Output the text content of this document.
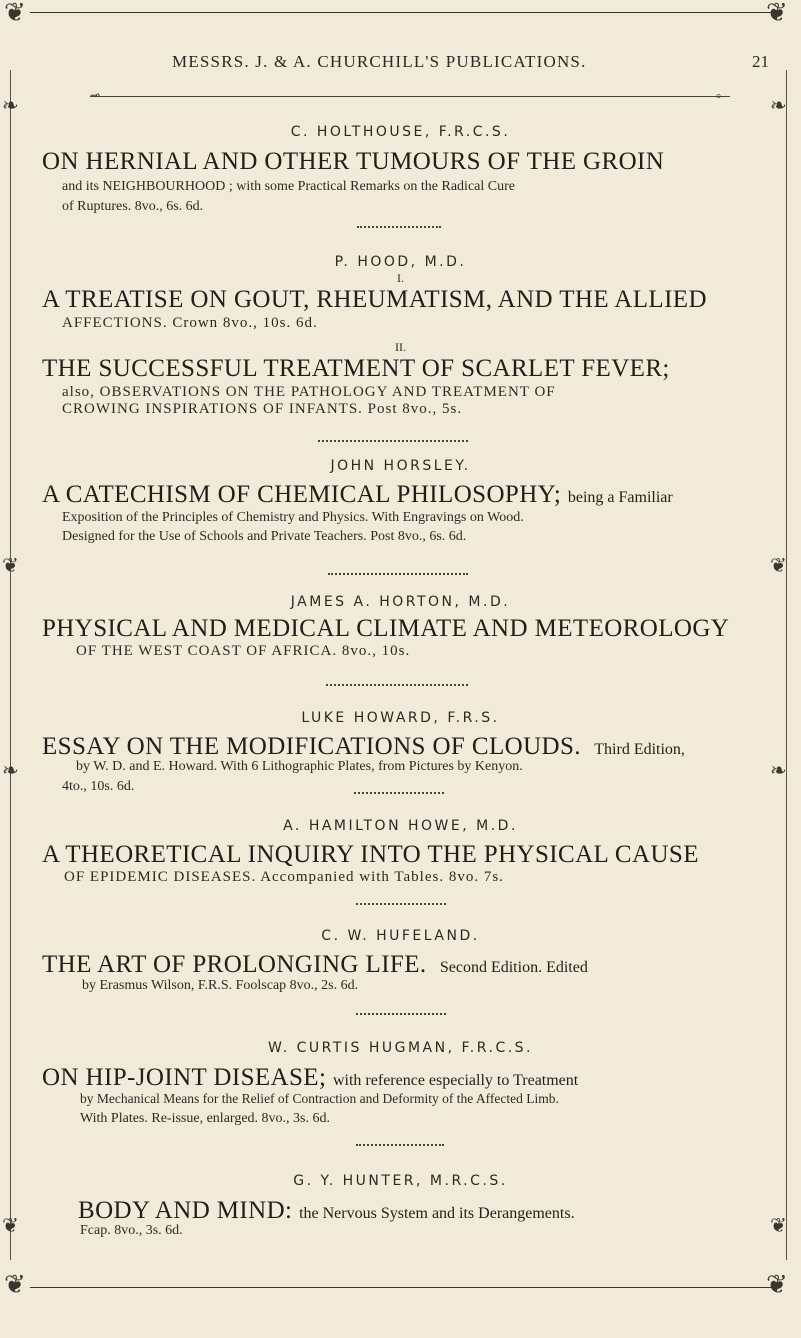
❦	❦
❦	❦
❧	❧
❦	❦
❧	❧
❦	❦
MESSRS. J. & A. CHURCHILL'S PUBLICATIONS.	21
⊸	⟜
C. HOLTHOUSE, F.R.C.S.
ON HERNIAL AND OTHER TUMOURS OF THE GROIN
and its NEIGHBOURHOOD ; with some Practical Remarks on the Radical Cure
of Ruptures. 8vo., 6s. 6d.
P. HOOD, M.D.
I.
A TREATISE ON GOUT, RHEUMATISM, AND THE ALLIED
AFFECTIONS. Crown 8vo., 10s. 6d.
II.
THE SUCCESSFUL TREATMENT OF SCARLET FEVER;
also, OBSERVATIONS ON THE PATHOLOGY AND TREATMENT OF
CROWING INSPIRATIONS OF INFANTS. Post 8vo., 5s.
JOHN HORSLEY.
A CATECHISM OF CHEMICAL PHILOSOPHY; being a Familiar
Exposition of the Principles of Chemistry and Physics. With Engravings on Wood.
Designed for the Use of Schools and Private Teachers. Post 8vo., 6s. 6d.
JAMES A. HORTON, M.D.
PHYSICAL AND MEDICAL CLIMATE AND METEOROLOGY
OF THE WEST COAST OF AFRICA. 8vo., 10s.
LUKE HOWARD, F.R.S.
ESSAY ON THE MODIFICATIONS OF CLOUDS. Third Edition,
by W. D. and E. Howard. With 6 Lithographic Plates, from Pictures by Kenyon.
4to., 10s. 6d.
A. HAMILTON HOWE, M.D.
A THEORETICAL INQUIRY INTO THE PHYSICAL CAUSE
OF EPIDEMIC DISEASES. Accompanied with Tables. 8vo. 7s.
C. W. HUFELAND.
THE ART OF PROLONGING LIFE. Second Edition. Edited
by Erasmus Wilson, F.R.S. Foolscap 8vo., 2s. 6d.
W. CURTIS HUGMAN, F.R.C.S.
ON HIP-JOINT DISEASE; with reference especially to Treatment
by Mechanical Means for the Relief of Contraction and Deformity of the Affected Limb.
With Plates. Re-issue, enlarged. 8vo., 3s. 6d.
G. Y. HUNTER, M.R.C.S.
BODY AND MIND: the Nervous System and its Derangements.
Fcap. 8vo., 3s. 6d.
